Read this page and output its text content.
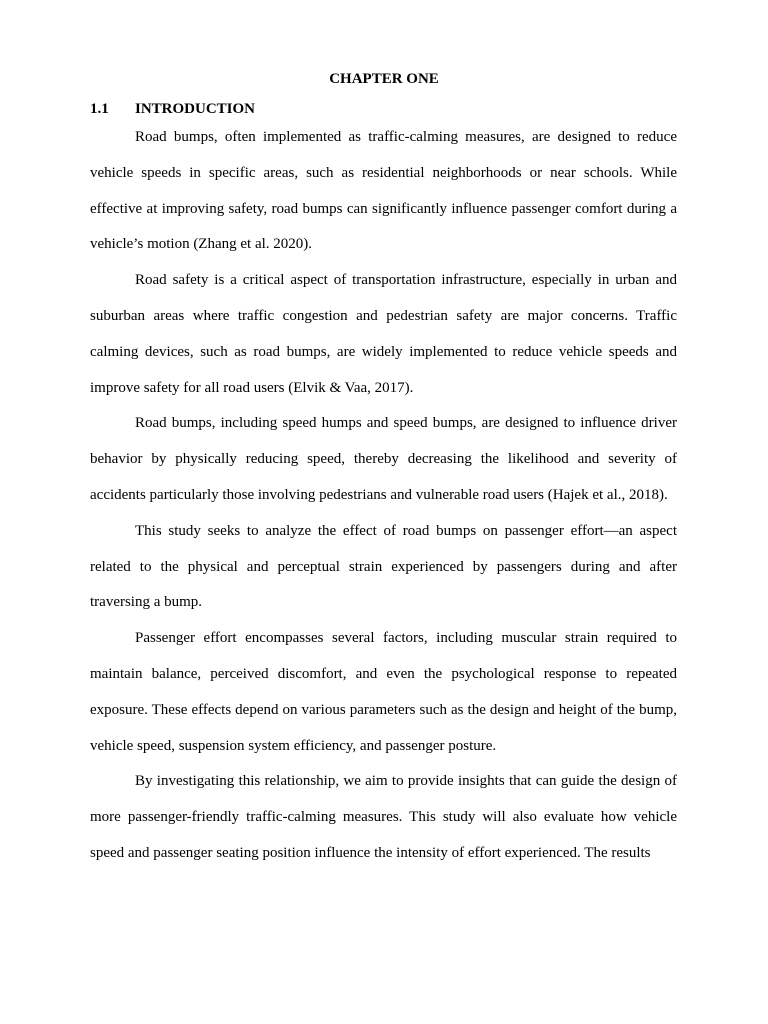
CHAPTER ONE
1.1 INTRODUCTION

Road bumps, often implemented as traffic-calming measures, are designed to reduce vehicle speeds in specific areas, such as residential neighborhoods or near schools. While effective at improving safety, road bumps can significantly influence passenger comfort during a vehicle’s motion (Zhang et al. 2020).

Road safety is a critical aspect of transportation infrastructure, especially in urban and suburban areas where traffic congestion and pedestrian safety are major concerns. Traffic calming devices, such as road bumps, are widely implemented to reduce vehicle speeds and improve safety for all road users (Elvik & Vaa, 2017).

Road bumps, including speed humps and speed bumps, are designed to influence driver behavior by physically reducing speed, thereby decreasing the likelihood and severity of accidents particularly those involving pedestrians and vulnerable road users (Hajek et al., 2018).

This study seeks to analyze the effect of road bumps on passenger effort—an aspect related to the physical and perceptual strain experienced by passengers during and after traversing a bump.

Passenger effort encompasses several factors, including muscular strain required to maintain balance, perceived discomfort, and even the psychological response to repeated exposure. These effects depend on various parameters such as the design and height of the bump, vehicle speed, suspension system efficiency, and passenger posture.

By investigating this relationship, we aim to provide insights that can guide the design of more passenger-friendly traffic-calming measures. This study will also evaluate how vehicle speed and passenger seating position influence the intensity of effort experienced. The results
